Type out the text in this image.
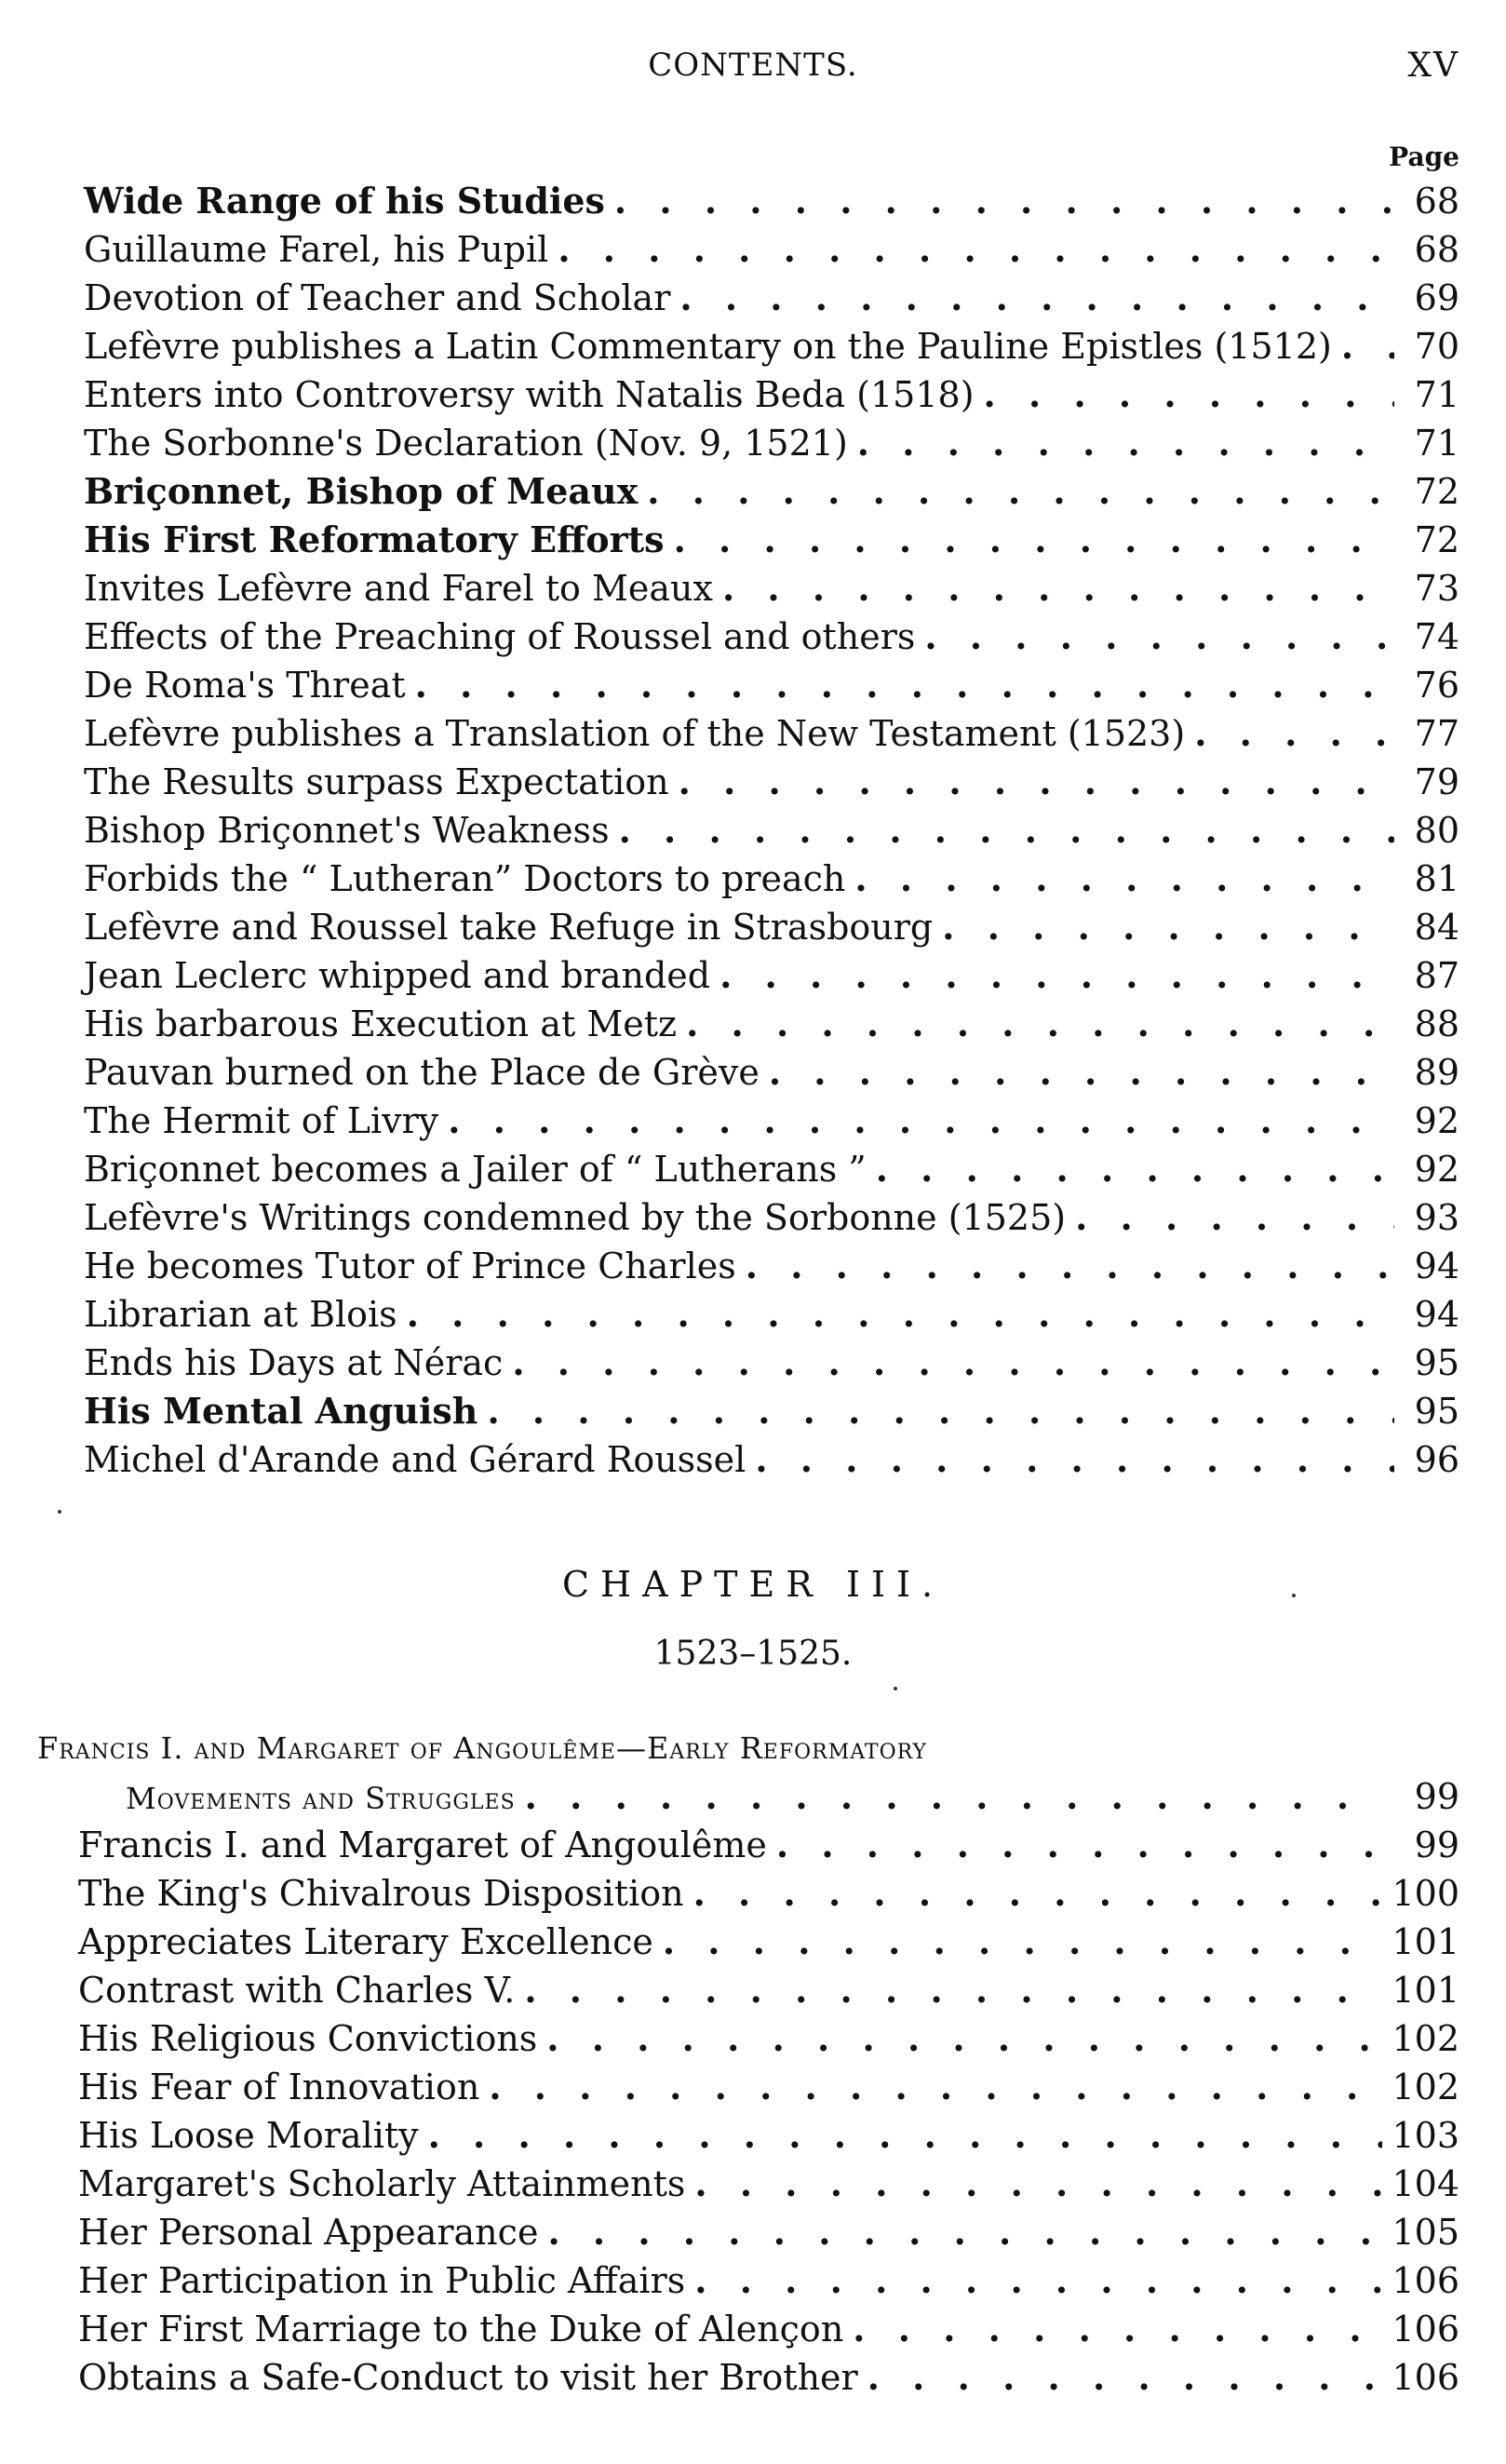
CONTENTS.	XV
Page
Wide Range of his Studies . . .	68
Guillaume Farel, his Pupil . . .	68
Devotion of Teacher and Scholar . . .	69
Lefèvre publishes a Latin Commentary on the Pauline Epistles (1512) . . .	70
Enters into Controversy with Natalis Beda (1518) . . .	71
The Sorbonne's Declaration (Nov. 9, 1521) . . .	71
Briçonnet, Bishop of Meaux . . .	72
His First Reformatory Efforts . . .	72
Invites Lefèvre and Farel to Meaux . . .	73
Effects of the Preaching of Roussel and others . . .	74
De Roma's Threat . . .	76
Lefèvre publishes a Translation of the New Testament (1523) . . .	77
The Results surpass Expectation . . .	79
Bishop Briçonnet's Weakness . . .	80
Forbids the “ Lutheran” Doctors to preach . . .	81
Lefèvre and Roussel take Refuge in Strasbourg . . .	84
Jean Leclerc whipped and branded . . .	87
His barbarous Execution at Metz . . .	88
Pauvan burned on the Place de Grève . . .	89
The Hermit of Livry . . .	92
Briçonnet becomes a Jailer of “ Lutherans ” . . .	92
Lefèvre's Writings condemned by the Sorbonne (1525) . . .	93
He becomes Tutor of Prince Charles . . .	94
Librarian at Blois . . .	94
Ends his Days at Nérac . . .	95
His Mental Anguish . . .	95
Michel d'Arande and Gérard Roussel . . .	96
CHAPTER III.
1523–1525.
Francis I. and Margaret of Angoulême—Early Reformatory
Movements and Struggles . . .	99
Francis I. and Margaret of Angoulême . . .	99
The King's Chivalrous Disposition . . .	100
Appreciates Literary Excellence . . .	101
Contrast with Charles V. . . .	101
His Religious Convictions . . .	102
His Fear of Innovation . . .	102
His Loose Morality . . .	103
Margaret's Scholarly Attainments . . .	104
Her Personal Appearance . . .	105
Her Participation in Public Affairs . . .	106
Her First Marriage to the Duke of Alençon . . .	106
Obtains a Safe-Conduct to visit her Brother . . .	106
